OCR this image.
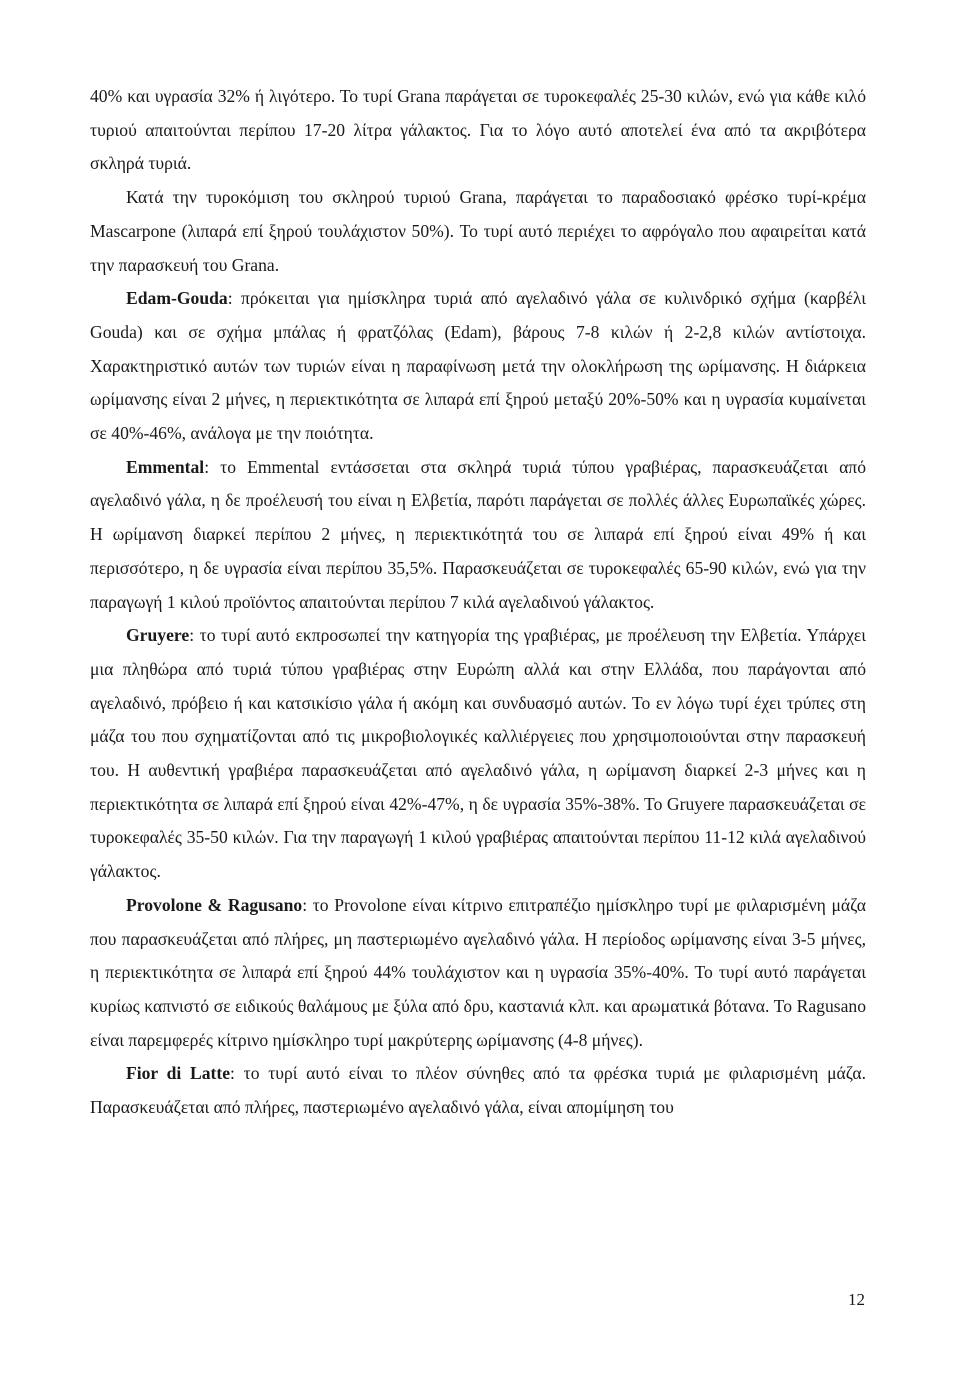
40% και υγρασία 32% ή λιγότερο. Το τυρί Grana παράγεται σε τυροκεφαλές 25-30 κιλών, ενώ για κάθε κιλό τυριού απαιτούνται περίπου 17-20 λίτρα γάλακτος. Για το λόγο αυτό αποτελεί ένα από τα ακριβότερα σκληρά τυριά.

Κατά την τυροκόμιση του σκληρού τυριού Grana, παράγεται το παραδοσιακό φρέσκο τυρί-κρέμα Mascarpone (λιπαρά επί ξηρού τουλάχιστον 50%). Το τυρί αυτό περιέχει το αφρόγαλο που αφαιρείται κατά την παρασκευή του Grana.

Edam-Gouda: πρόκειται για ημίσκληρα τυριά από αγελαδινό γάλα σε κυλινδρικό σχήμα (καρβέλι Gouda) και σε σχήμα μπάλας ή φρατζόλας (Edam), βάρους 7-8 κιλών ή 2-2,8 κιλών αντίστοιχα. Χαρακτηριστικό αυτών των τυριών είναι η παραφίνωση μετά την ολοκλήρωση της ωρίμανσης. Η διάρκεια ωρίμανσης είναι 2 μήνες, η περιεκτικότητα σε λιπαρά επί ξηρού μεταξύ 20%-50% και η υγρασία κυμαίνεται σε 40%-46%, ανάλογα με την ποιότητα.

Emmental: το Emmental εντάσσεται στα σκληρά τυριά τύπου γραβιέρας, παρασκευάζεται από αγελαδινό γάλα, η δε προέλευσή του είναι η Ελβετία, παρότι παράγεται σε πολλές άλλες Ευρωπαϊκές χώρες. Η ωρίμανση διαρκεί περίπου 2 μήνες, η περιεκτικότητά του σε λιπαρά επί ξηρού είναι 49% ή και περισσότερο, η δε υγρασία είναι περίπου 35,5%. Παρασκευάζεται σε τυροκεφαλές 65-90 κιλών, ενώ για την παραγωγή 1 κιλού προϊόντος απαιτούνται περίπου 7 κιλά αγελαδινού γάλακτος.

Gruyere: το τυρί αυτό εκπροσωπεί την κατηγορία της γραβιέρας, με προέλευση την Ελβετία. Υπάρχει μια πληθώρα από τυριά τύπου γραβιέρας στην Ευρώπη αλλά και στην Ελλάδα, που παράγονται από αγελαδινό, πρόβειο ή και κατσικίσιο γάλα ή ακόμη και συνδυασμό αυτών. Το εν λόγω τυρί έχει τρύπες στη μάζα του που σχηματίζονται από τις μικροβιολογικές καλλιέργειες που χρησιμοποιούνται στην παρασκευή του. Η αυθεντική γραβιέρα παρασκευάζεται από αγελαδινό γάλα, η ωρίμανση διαρκεί 2-3 μήνες και η περιεκτικότητα σε λιπαρά επί ξηρού είναι 42%-47%, η δε υγρασία 35%-38%. Το Gruyere παρασκευάζεται σε τυροκεφαλές 35-50 κιλών. Για την παραγωγή 1 κιλού γραβιέρας απαιτούνται περίπου 11-12 κιλά αγελαδινού γάλακτος.

Provolone & Ragusano: το Provolone είναι κίτρινο επιτραπέζιο ημίσκληρο τυρί με φιλαρισμένη μάζα που παρασκευάζεται από πλήρες, μη παστεριωμένο αγελαδινό γάλα. Η περίοδος ωρίμανσης είναι 3-5 μήνες, η περιεκτικότητα σε λιπαρά επί ξηρού 44% τουλάχιστον και η υγρασία 35%-40%. Το τυρί αυτό παράγεται κυρίως καπνιστό σε ειδικούς θαλάμους με ξύλα από δρυ, καστανιά κλπ. και αρωματικά βότανα. Το Ragusano είναι παρεμφερές κίτρινο ημίσκληρο τυρί μακρύτερης ωρίμανσης (4-8 μήνες).

Fior di Latte: το τυρί αυτό είναι το πλέον σύνηθες από τα φρέσκα τυριά με φιλαρισμένη μάζα. Παρασκευάζεται από πλήρες, παστεριωμένο αγελαδινό γάλα, είναι απομίμηση του

12
